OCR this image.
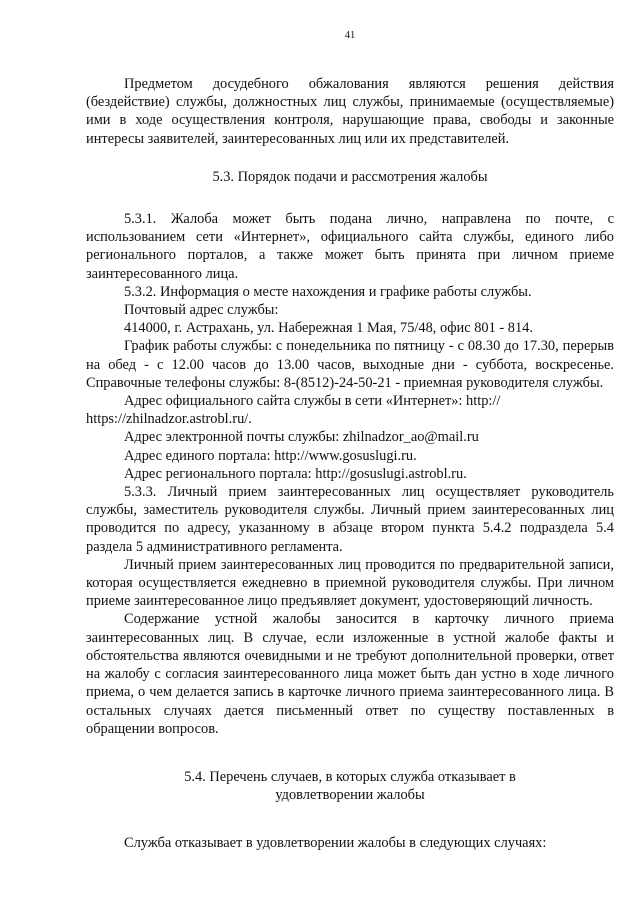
41

Предметом досудебного обжалования являются решения действия (бездействие) службы, должностных лиц службы, принимаемые (осуществляемые) ими в ходе осуществления контроля, нарушающие права, свободы и законные интересы заявителей, заинтересованных лиц или их представителей.

5.3. Порядок подачи и рассмотрения жалобы

5.3.1. Жалоба может быть подана лично, направлена по почте, с использованием сети «Интернет», официального сайта службы, единого либо регионального порталов, а также может быть принята при личном приеме заинтересованного лица.

5.3.2. Информация о месте нахождения и графике работы службы.

Почтовый адрес службы:

414000, г. Астрахань, ул. Набережная 1 Мая, 75/48, офис 801 - 814.

График работы службы: с понедельника по пятницу - с 08.30 до 17.30, перерыв на обед - с 12.00 часов до 13.00 часов, выходные дни - суббота, воскресенье. Справочные телефоны службы: 8-(8512)-24-50-21 - приемная руководителя службы.

Адрес официального сайта службы в сети «Интернет»: http://

https://zhilnadzor.astrobl.ru/.

Адрес электронной почты службы: zhilnadzor_ao@mail.ru

Адрес единого портала: http://www.gosuslugi.ru.

Адрес регионального портала: http://gosuslugi.astrobl.ru.

5.3.3. Личный прием заинтересованных лиц осуществляет руководитель службы, заместитель руководителя службы. Личный прием заинтересованных лиц проводится по адресу, указанному в абзаце втором пункта 5.4.2 подраздела 5.4 раздела 5 административного регламента.

Личный прием заинтересованных лиц проводится по предварительной записи, которая осуществляется ежедневно в приемной руководителя службы. При личном приеме заинтересованное лицо предъявляет документ, удостоверяющий личность.

Содержание устной жалобы заносится в карточку личного приема заинтересованных лиц. В случае, если изложенные в устной жалобе факты и обстоятельства являются очевидными и не требуют дополнительной проверки, ответ на жалобу с согласия заинтересованного лица может быть дан устно в ходе личного приема, о чем делается запись в карточке личного приема заинтересованного лица. В остальных случаях дается письменный ответ по существу поставленных в обращении вопросов.

5.4. Перечень случаев, в которых служба отказывает в
удовлетворении жалобы

Служба отказывает в удовлетворении жалобы в следующих случаях:
